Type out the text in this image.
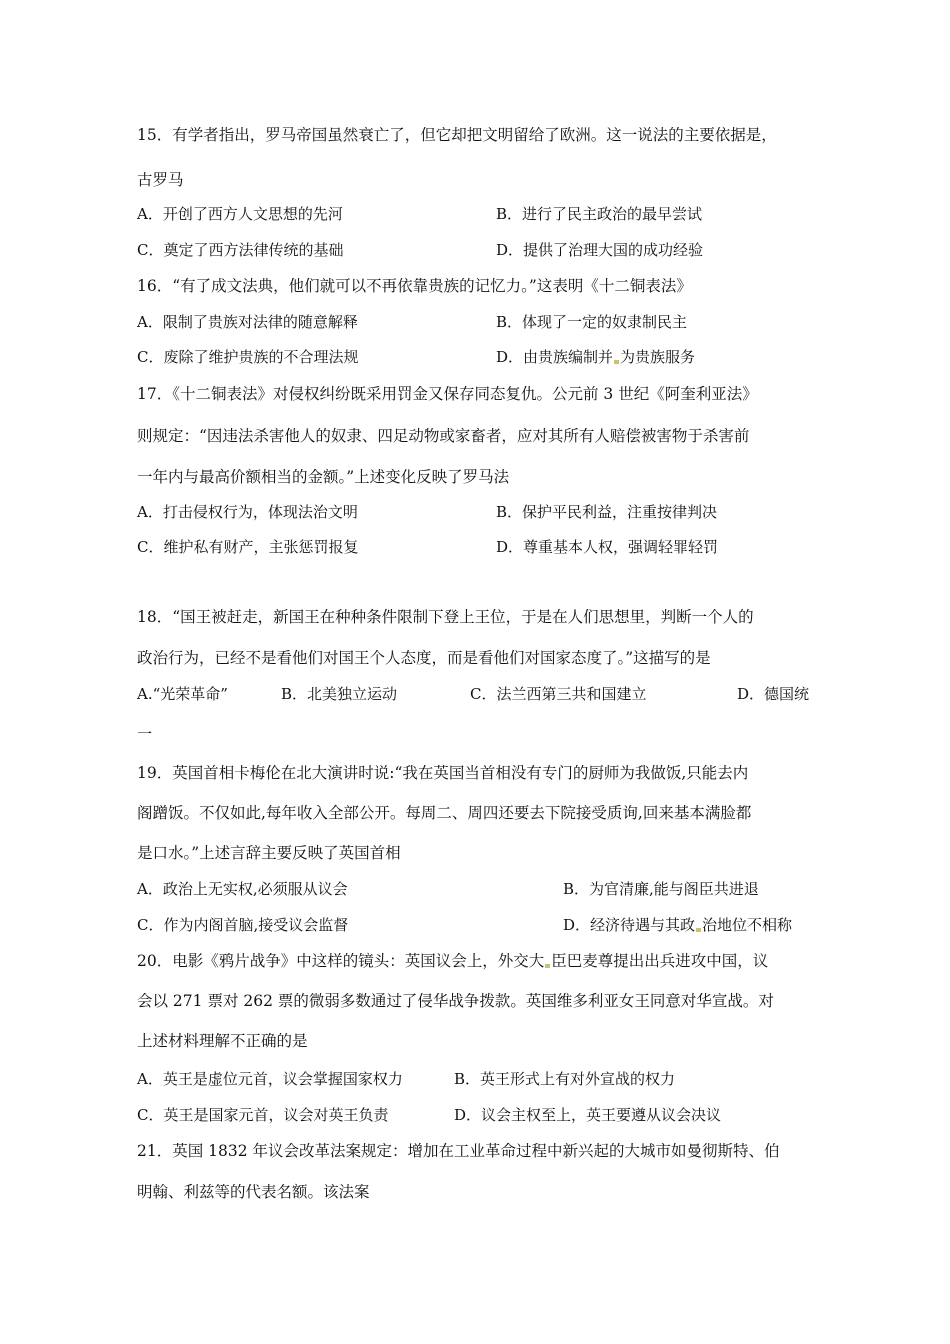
15．有学者指出，罗马帝国虽然衰亡了，但它却把文明留给了欧洲。这一说法的主要依据是，
古罗马
A．开创了西方人文思想的先河	B．进行了民主政治的最早尝试
C．奠定了西方法律传统的基础	D．提供了治理大国的成功经验
16．“有了成文法典，他们就可以不再依靠贵族的记忆力。”这表明《十二铜表法》
A．限制了贵族对法律的随意解释	B．体现了一定的奴隶制民主
C．废除了维护贵族的不合理法规	D．由贵族编制并 为贵族服务
17．《十二铜表法》对侵权纠纷既采用罚金又保存同态复仇。公元前 3 世纪《阿奎利亚法》
则规定：“因违法杀害他人的奴隶、四足动物或家畜者，应对其所有人赔偿被害物于杀害前
一年内与最高价额相当的金额。”上述变化反映了罗马法
A．打击侵权行为，体现法治文明	B．保护平民利益，注重按律判决
C．维护私有财产，主张惩罚报复	D．尊重基本人权，强调轻罪轻罚
18．“国王被赶走，新国王在种种条件限制下登上王位，于是在人们思想里，判断一个人的
政治行为，已经不是看他们对国王个人态度，而是看他们对国家态度了。”这描写的是
A.“光荣革命”	B．北美独立运动	C．法兰西第三共和国建立	D．德国统
一
19．英国首相卡梅伦在北大演讲时说:“我在英国当首相没有专门的厨师为我做饭,只能去内
阁蹭饭。不仅如此,每年收入全部公开。每周二、周四还要去下院接受质询,回来基本满脸都
是口水。”上述言辞主要反映了英国首相
A．政治上无实权,必须服从议会	B．为官清廉,能与阁臣共进退
C．作为内阁首脑,接受议会监督	D．经济待遇与其政 治地位不相称
20．电影《鸦片战争》中这样的镜头：英国议会上，外交大 臣巴麦尊提出出兵进攻中国，议
会以 271 票对 262 票的微弱多数通过了侵华战争拨款。英国维多利亚女王同意对华宣战。对
上述材料理解不正确的是
A．英王是虚位元首，议会掌握国家权力	B．英王形式上有对外宣战的权力
C．英王是国家元首，议会对英王负责	D．议会主权至上，英王要遵从议会决议
21．英国 1832 年议会改革法案规定：增加在工业革命过程中新兴起的大城市如曼彻斯特、伯
明翰、利兹等的代表名额。该法案
